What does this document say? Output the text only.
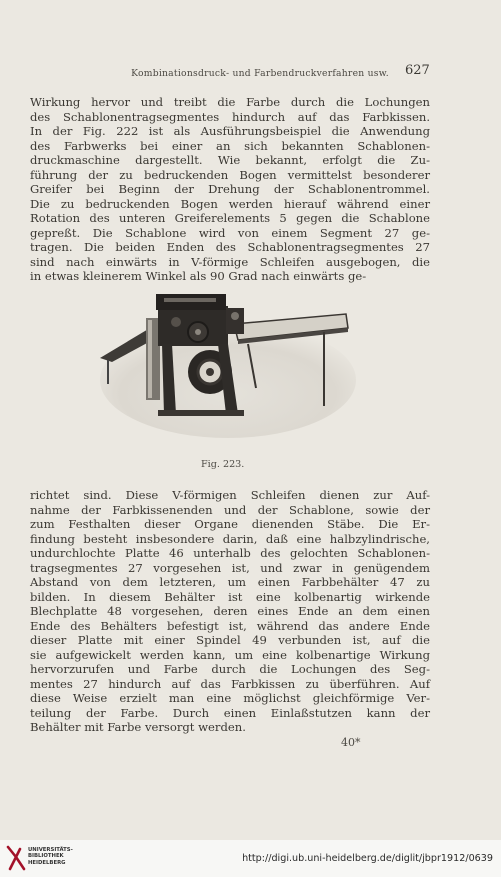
Kombinationsdruck- und Farbendruckverfahren usw.	627
Wirkung hervor und treibt die Farbe durch die Lochungen
des Schablonentragsegmentes hindurch auf das Farbkissen.
In der Fig. 222 ist als Ausführungsbeispiel die Anwendung
des Farbwerks bei einer an sich bekannten Schablonen-
druckmaschine dargestellt. Wie bekannt, erfolgt die Zu-
führung der zu bedruckenden Bogen vermittelst besonderer
Greifer bei Beginn der Drehung der Schablonentrommel.
Die zu bedruckenden Bogen werden hierauf während einer
Rotation des unteren Greiferelements 5 gegen die Schablone
gepreßt. Die Schablone wird von einem Segment 27 ge-
tragen. Die beiden Enden des Schablonentragsegmentes 27
sind nach einwärts in V-förmige Schleifen ausgebogen, die
in etwas kleinerem Winkel als 90 Grad nach einwärts ge-
Fig. 223.
richtet sind. Diese V-förmigen Schleifen dienen zur Auf-
nahme der Farbkissenenden und der Schablone, sowie der
zum Festhalten dieser Organe dienenden Stäbe. Die Er-
findung besteht insbesondere darin, daß eine halbzylindrische,
undurchlochte Platte 46 unterhalb des gelochten Schablonen-
tragsegmentes 27 vorgesehen ist, und zwar in genügendem
Abstand von dem letzteren, um einen Farbbehälter 47 zu
bilden. In diesem Behälter ist eine kolbenartig wirkende
Blechplatte 48 vorgesehen, deren eines Ende an dem einen
Ende des Behälters befestigt ist, während das andere Ende
dieser Platte mit einer Spindel 49 verbunden ist, auf die
sie aufgewickelt werden kann, um eine kolbenartige Wirkung
hervorzurufen und Farbe durch die Lochungen des Seg-
mentes 27 hindurch auf das Farbkissen zu überführen. Auf
diese Weise erzielt man eine möglichst gleichförmige Ver-
teilung der Farbe. Durch einen Einlaßstutzen kann der
Behälter mit Farbe versorgt werden.
40*
UNIVERSITÄTS-
BIBLIOTHEK
HEIDELBERG	http://digi.ub.uni-heidelberg.de/diglit/jbpr1912/0639
